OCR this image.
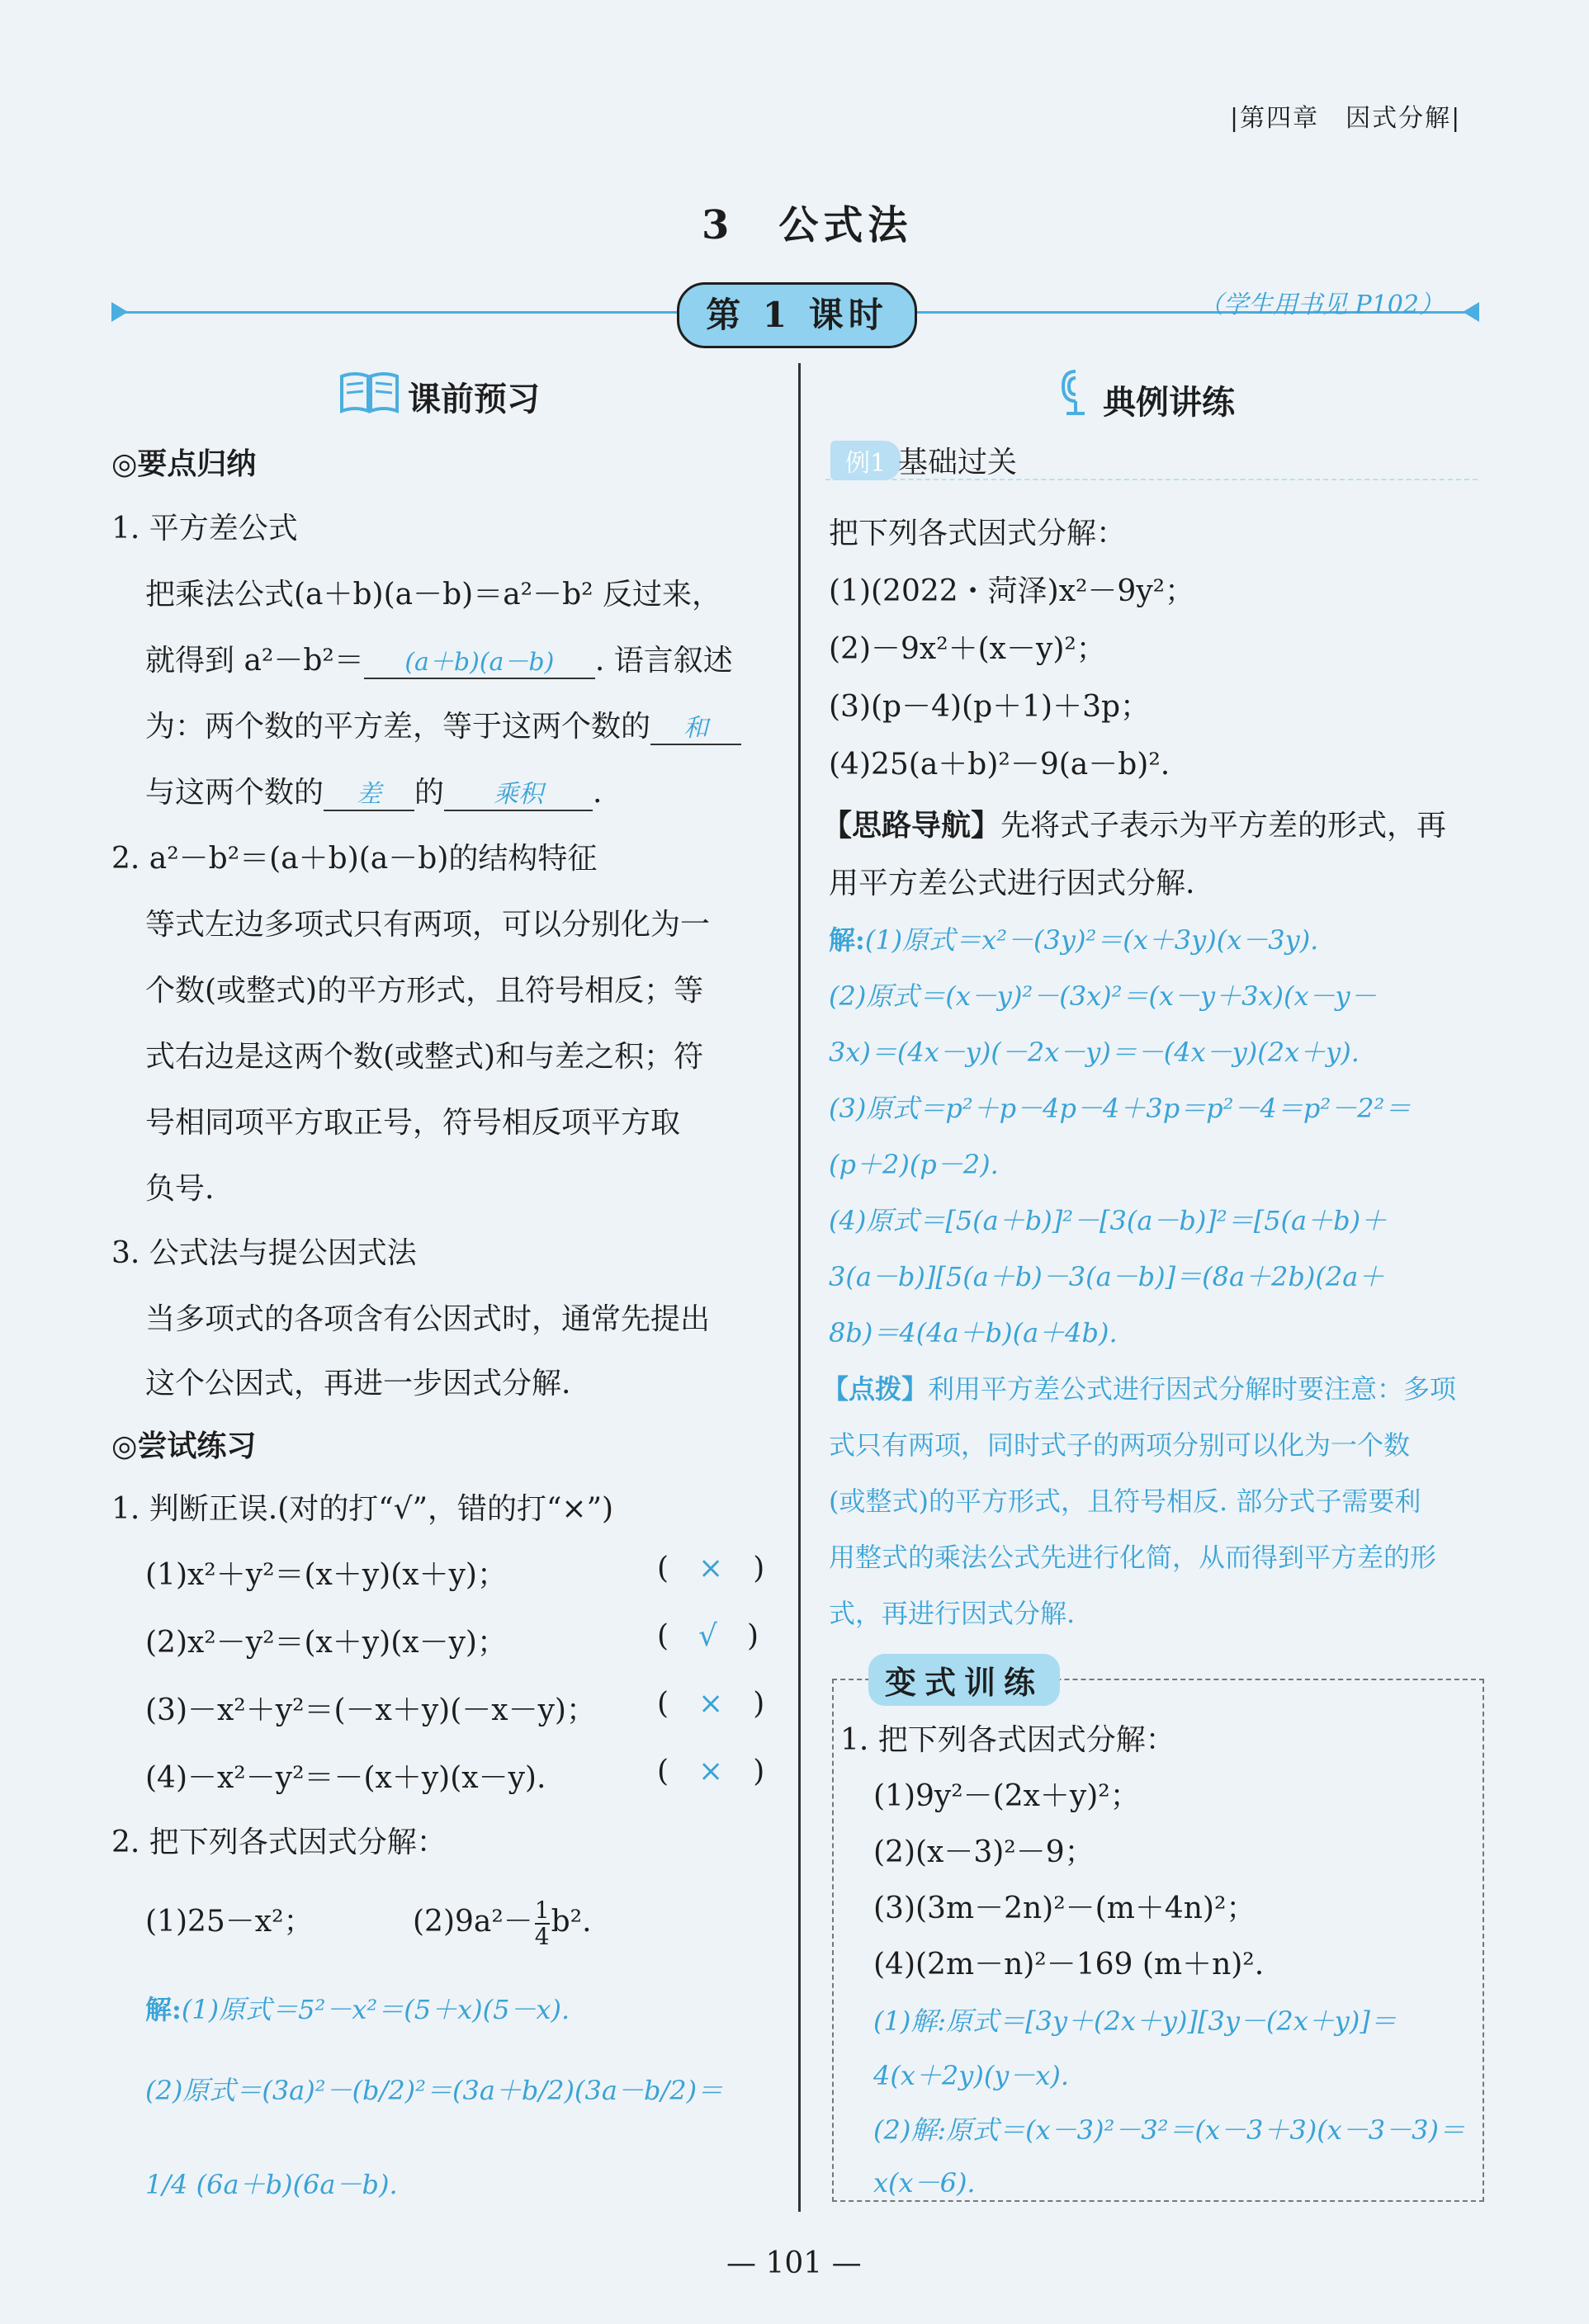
|第四章　因式分解|
3　公式法
第 1 课时	（学生用书见 P102）
课前预习
◎要点归纳
1. 平方差公式
把乘法公式(a＋b)(a－b)＝a²－b² 反过来，
就得到 a²－b²＝ (a＋b)(a－b) . 语言叙述
为：两个数的平方差，等于这两个数的 和
与这两个数的 差 的 乘积 .
2. a²－b²＝(a＋b)(a－b)的结构特征
等式左边多项式只有两项，可以分别化为一
个数(或整式)的平方形式，且符号相反；等
式右边是这两个数(或整式)和与差之积；符
号相同项平方取正号，符号相反项平方取
负号.
3. 公式法与提公因式法
当多项式的各项含有公因式时，通常先提出
这个公因式，再进一步因式分解.
◎尝试练习
1. 判断正误.(对的打“√”，错的打“×”)
(1)x²＋y²＝(x＋y)(x＋y)；
(2)x²－y²＝(x＋y)(x－y)；
(3)－x²＋y²＝(－x＋y)(－x－y)；
(4)－x²－y²＝－(x＋y)(x－y).
( × )
( √ )
( × )
( × )
2. 把下列各式因式分解：
(1)25－x²；	$(2)9a^2- \frac{1}{4} b^2$.
解:(1)原式＝5²－x²＝(5＋x)(5－x).
(2)原式＝(3a)²－(b/2)²＝(3a＋b/2)(3a－b/2)＝
1/4 (6a＋b)(6a－b).
典例讲练
例1 基础过关
把下列各式因式分解：
(1)(2022・菏泽)x²－9y²；
(2)－9x²＋(x－y)²；
(3)(p－4)(p＋1)＋3p；
(4)25(a＋b)²－9(a－b)².
【思路导航】先将式子表示为平方差的形式，再
用平方差公式进行因式分解.
解:(1)原式＝x²－(3y)²＝(x＋3y)(x－3y).
(2)原式＝(x－y)²－(3x)²＝(x－y＋3x)(x－y－
3x)＝(4x－y)(－2x－y)＝－(4x－y)(2x＋y).
(3)原式＝p²＋p－4p－4＋3p＝p²－4＝p²－2²＝
(p＋2)(p－2).
(4)原式＝[5(a＋b)]²－[3(a－b)]²＝[5(a＋b)＋
3(a－b)][5(a＋b)－3(a－b)]＝(8a＋2b)(2a＋
8b)＝4(4a＋b)(a＋4b).
【点拨】利用平方差公式进行因式分解时要注意：多项
式只有两项，同时式子的两项分别可以化为一个数
(或整式)的平方形式，且符号相反. 部分式子需要利
用整式的乘法公式先进行化简，从而得到平方差的形
式，再进行因式分解.
变式训练
1. 把下列各式因式分解：
(1)9y²－(2x＋y)²；
(2)(x－3)²－9；
(3)(3m－2n)²－(m＋4n)²；
(4)(2m－n)²－169 (m＋n)².
(1)解:原式＝[3y＋(2x＋y)][3y－(2x＋y)]＝
4(x＋2y)(y－x).
(2)解:原式＝(x－3)²－3²＝(x－3＋3)(x－3－3)＝
x(x－6).
— 101 —
